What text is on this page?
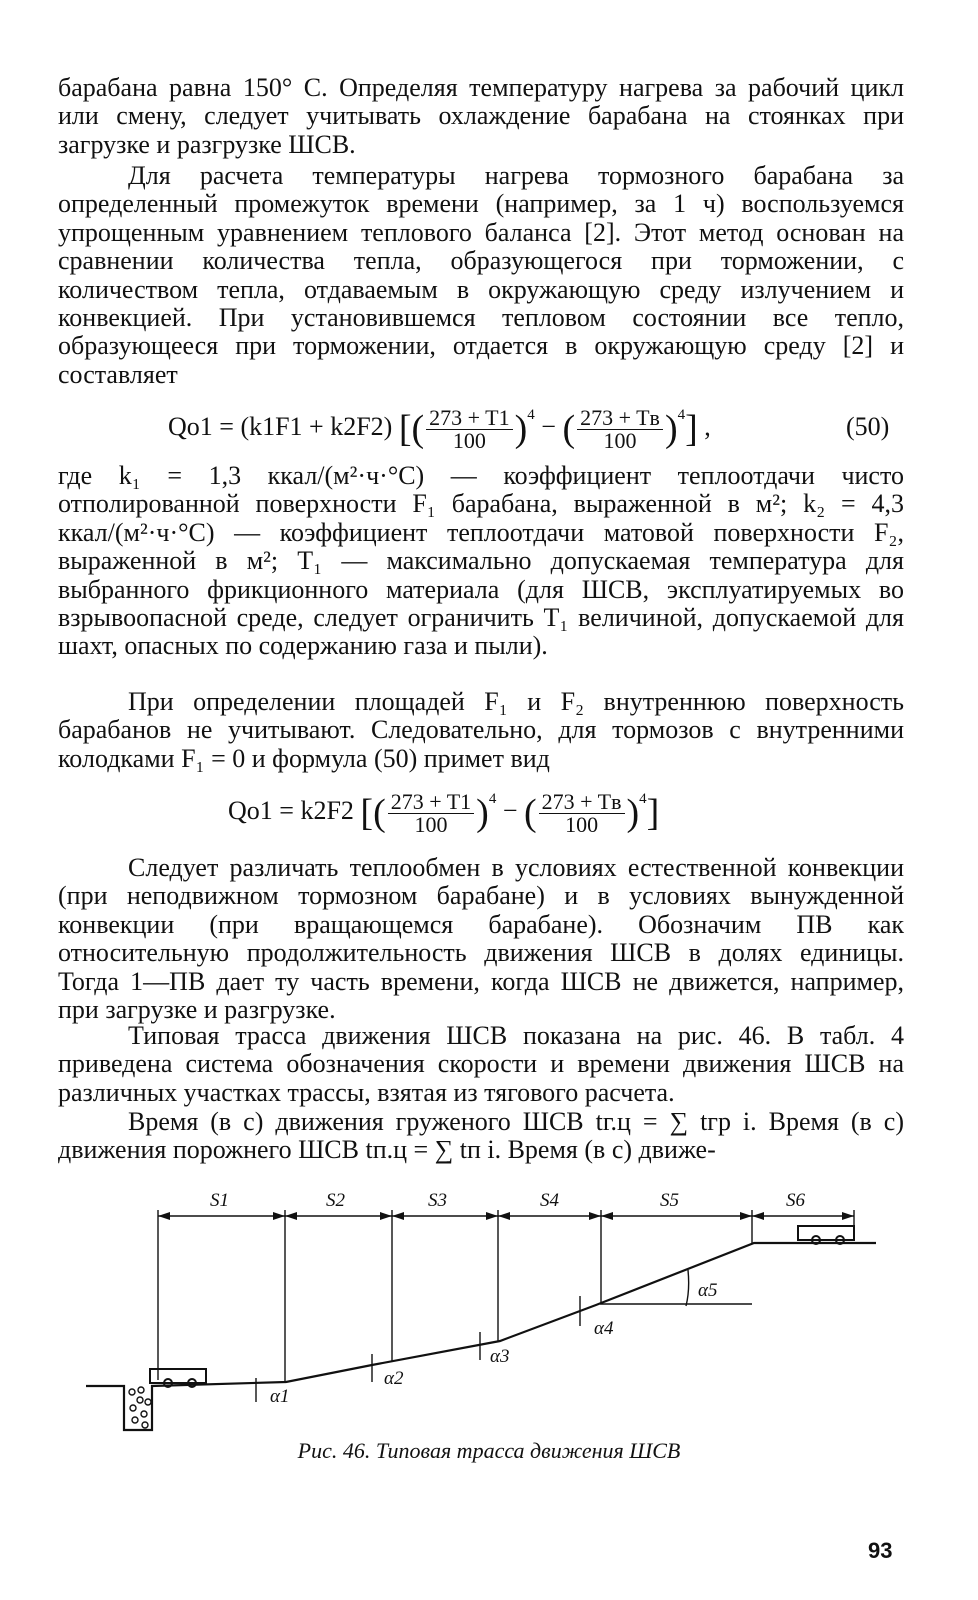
барабана равна 150° С. Определяя температуру нагрева за рабочий цикл или смену, следует учитывать охлаждение барабана на стоянках при загрузке и разгрузке ШСВ.

Для расчета температуры нагрева тормозного барабана за определенный промежуток времени (например, за 1 ч) воспользуемся упрощенным уравнением теплового баланса [2]. Этот метод основан на сравнении количества тепла, образующегося при торможении, с количеством тепла, отдаваемым в окружающую среду излучением и конвекцией. При установившемся тепловом состоянии все тепло, образующееся при торможении, отдается в окружающую среду [2] и составляет

Qo1 = (k1F1 + k2F2) [( $\frac{273 + T1}{100} )^4$ − ( $\frac{273 + Tв}{100} )^4$] ,	(50)

где k₁ = 1,3 ккал/(м²·ч·°С) — коэффициент теплоотдачи чисто отполированной поверхности F₁ барабана, выраженной в м²; k₂ = 4,3 ккал/(м²·ч·°С) — коэффициент теплоотдачи матовой поверхности F₂, выраженной в м²; T₁ — максимально допускаемая температура для выбранного фрикционного материала (для ШСВ, эксплуатируемых во взрывоопасной среде, следует ограничить T₁ величиной, допускаемой для шахт, опасных по содержанию газа и пыли).

При определении площадей F₁ и F₂ внутреннюю поверхность барабанов не учитывают. Следовательно, для тормозов с внутренними колодками F₁ = 0 и формула (50) примет вид

Qo1 = k2F2 [( $\frac{273 + T1}{100} )^4$ − ( $\frac{273 + Tв}{100} )^4$]

Следует различать теплообмен в условиях естественной конвекции (при неподвижном тормозном барабане) и в условиях вынужденной конвекции (при вращающемся барабане). Обозначим ПВ как относительную продолжительность движения ШСВ в долях единицы. Тогда 1—ПВ дает ту часть времени, когда ШСВ не движется, например, при загрузке и разгрузке.

Типовая трасса движения ШСВ показана на рис. 46. В табл. 4 приведена система обозначения скорости и времени движения ШСВ на различных участках трассы, взятая из тягового расчета.

Время (в с) движения груженого ШСВ tг.ц = ∑ tгр i. Время (в с) движения порожнего ШСВ tп.ц = ∑ tп i. Время (в с) движе-

S1	S2	S3	S4	S5	S6
α1
α2
α3
α4
α5
Рис. 46. Типовая трасса движения ШСВ
93
